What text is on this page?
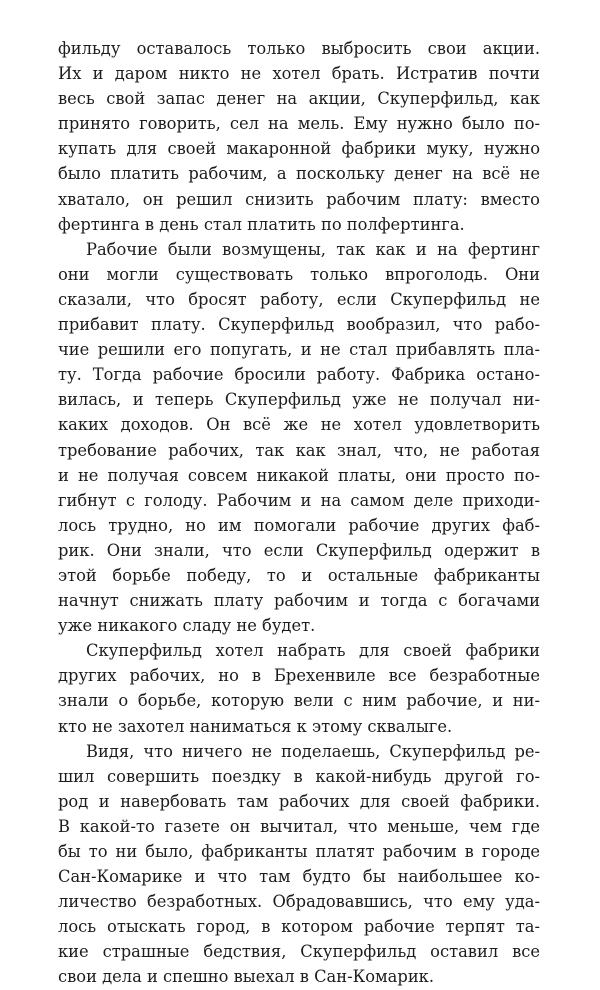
фильду оставалось только выбросить свои акции.
Их и даром никто не хотел брать. Истратив почти
весь свой запас денег на акции, Скуперфильд, как
принято говорить, сел на мель. Ему нужно было по-
купать для своей макаронной фабрики муку, нужно
было платить рабочим, а поскольку денег на всё не
хватало, он решил снизить рабочим плату: вместо
фертинга в день стал платить по полфертинга.
Рабочие были возмущены, так как и на фертинг
они могли существовать только впроголодь. Они
сказали, что бросят работу, если Скуперфильд не
прибавит плату. Скуперфильд вообразил, что рабо-
чие решили его попугать, и не стал прибавлять пла-
ту. Тогда рабочие бросили работу. Фабрика остано-
вилась, и теперь Скуперфильд уже не получал ни-
каких доходов. Он всё же не хотел удовлетворить
требование рабочих, так как знал, что, не работая
и не получая совсем никакой платы, они просто по-
гибнут с голоду. Рабочим и на самом деле приходи-
лось трудно, но им помогали рабочие других фаб-
рик. Они знали, что если Скуперфильд одержит в
этой борьбе победу, то и остальные фабриканты
начнут снижать плату рабочим и тогда с богачами
уже никакого сладу не будет.
Скуперфильд хотел набрать для своей фабрики
других рабочих, но в Брехенвиле все безработные
знали о борьбе, которую вели с ним рабочие, и ни-
кто не захотел наниматься к этому сквалыге.
Видя, что ничего не поделаешь, Скуперфильд ре-
шил совершить поездку в какой-нибудь другой го-
род и навербовать там рабочих для своей фабрики.
В какой-то газете он вычитал, что меньше, чем где
бы то ни было, фабриканты платят рабочим в городе
Сан-Комарике и что там будто бы наибольшее ко-
личество безработных. Обрадовавшись, что ему уда-
лось отыскать город, в котором рабочие терпят та-
кие страшные бедствия, Скуперфильд оставил все
свои дела и спешно выехал в Сан-Комарик.
